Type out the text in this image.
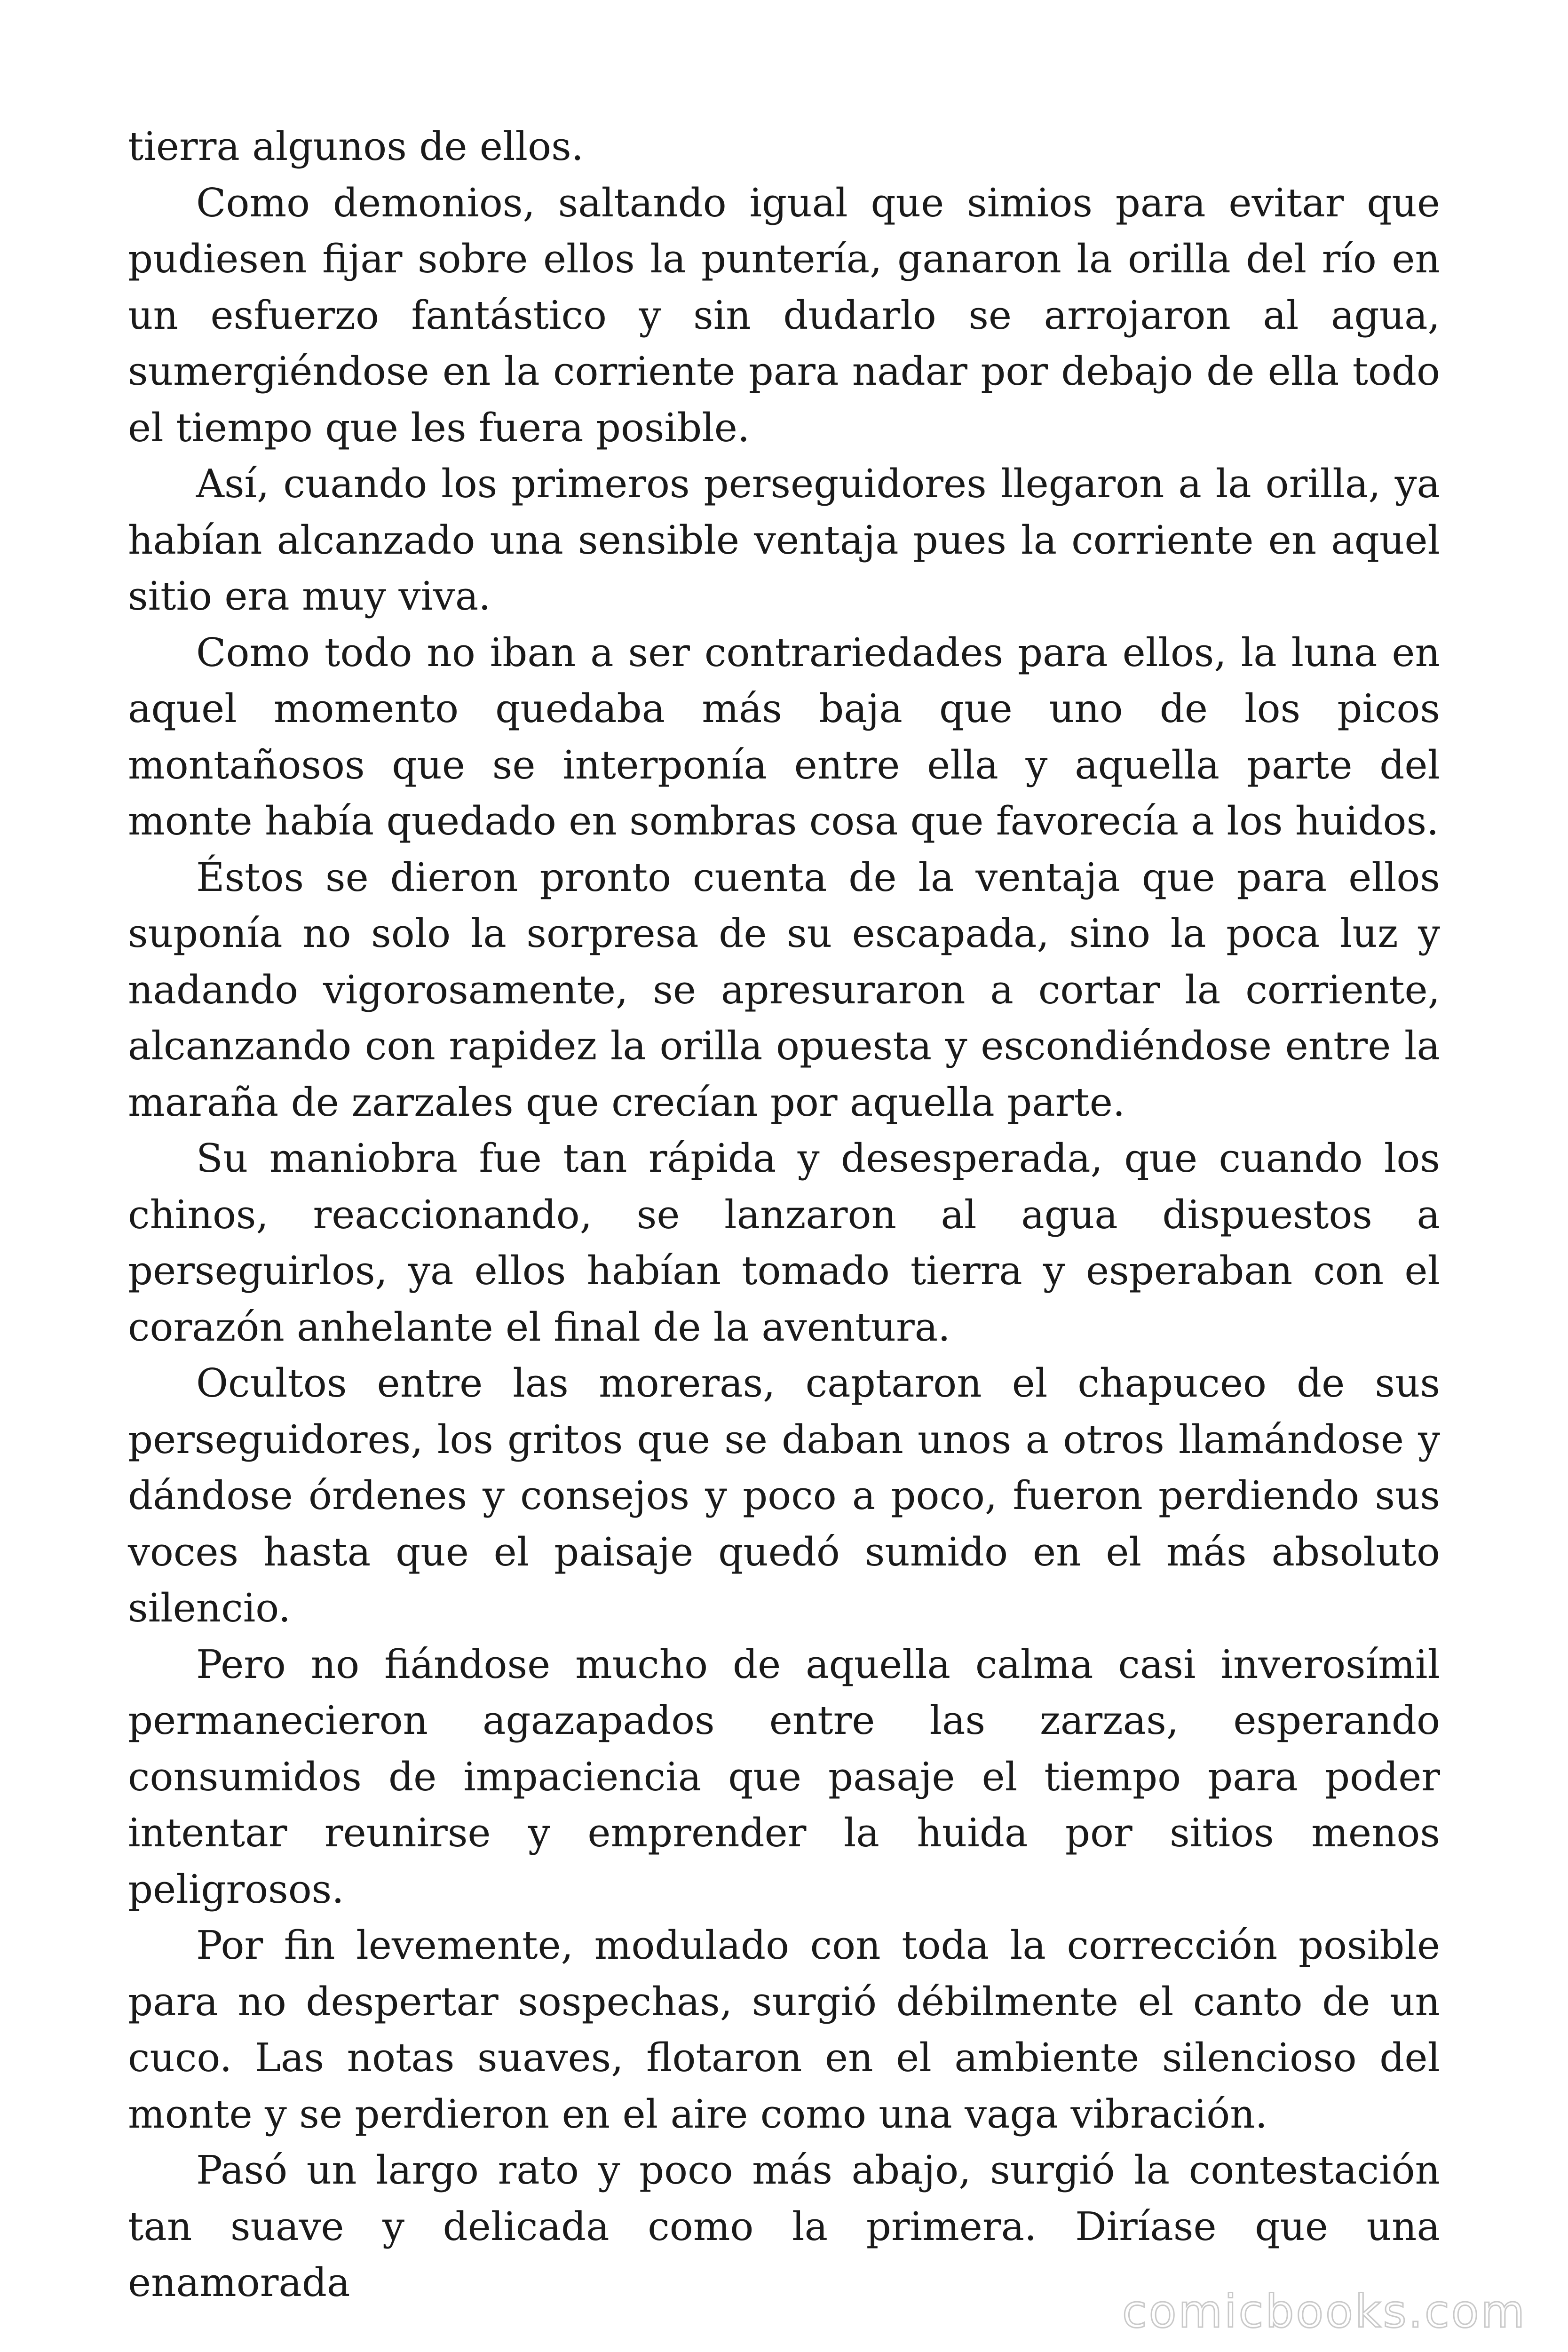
tierra algunos de ellos.

Como demonios, saltando igual que simios para evitar que pudiesen fijar sobre ellos la puntería, ganaron la orilla del río en un esfuerzo fantástico y sin dudarlo se arrojaron al agua, sumergiéndose en la corriente para nadar por debajo de ella todo el tiempo que les fuera posible.

Así, cuando los primeros perseguidores llegaron a la orilla, ya habían alcanzado una sensible ventaja pues la corriente en aquel sitio era muy viva.

Como todo no iban a ser contrariedades para ellos, la luna en aquel momento quedaba más baja que uno de los picos montañosos que se interponía entre ella y aquella parte del monte había quedado en sombras cosa que favorecía a los huidos.

Éstos se dieron pronto cuenta de la ventaja que para ellos suponía no solo la sorpresa de su escapada, sino la poca luz y nadando vigorosamente, se apresuraron a cortar la corriente, alcanzando con rapidez la orilla opuesta y escondiéndose entre la maraña de zarzales que crecían por aquella parte.

Su maniobra fue tan rápida y desesperada, que cuando los chinos, reaccionando, se lanzaron al agua dispuestos a perseguirlos, ya ellos habían tomado tierra y esperaban con el corazón anhelante el final de la aventura.

Ocultos entre las moreras, captaron el chapuceo de sus perseguidores, los gritos que se daban unos a otros llamándose y dándose órdenes y consejos y poco a poco, fueron perdiendo sus voces hasta que el paisaje quedó sumido en el más absoluto silencio.

Pero no fiándose mucho de aquella calma casi inverosímil permanecieron agazapados entre las zarzas, esperando consumidos de impaciencia que pasaje el tiempo para poder intentar reunirse y emprender la huida por sitios menos peligrosos.

Por fin levemente, modulado con toda la corrección posible para no despertar sospechas, surgió débilmente el canto de un cuco. Las notas suaves, flotaron en el ambiente silencioso del monte y se perdieron en el aire como una vaga vibración.

Pasó un largo rato y poco más abajo, surgió la contestación tan suave y delicada como la primera. Diríase que una enamorada

comicbooks.com
